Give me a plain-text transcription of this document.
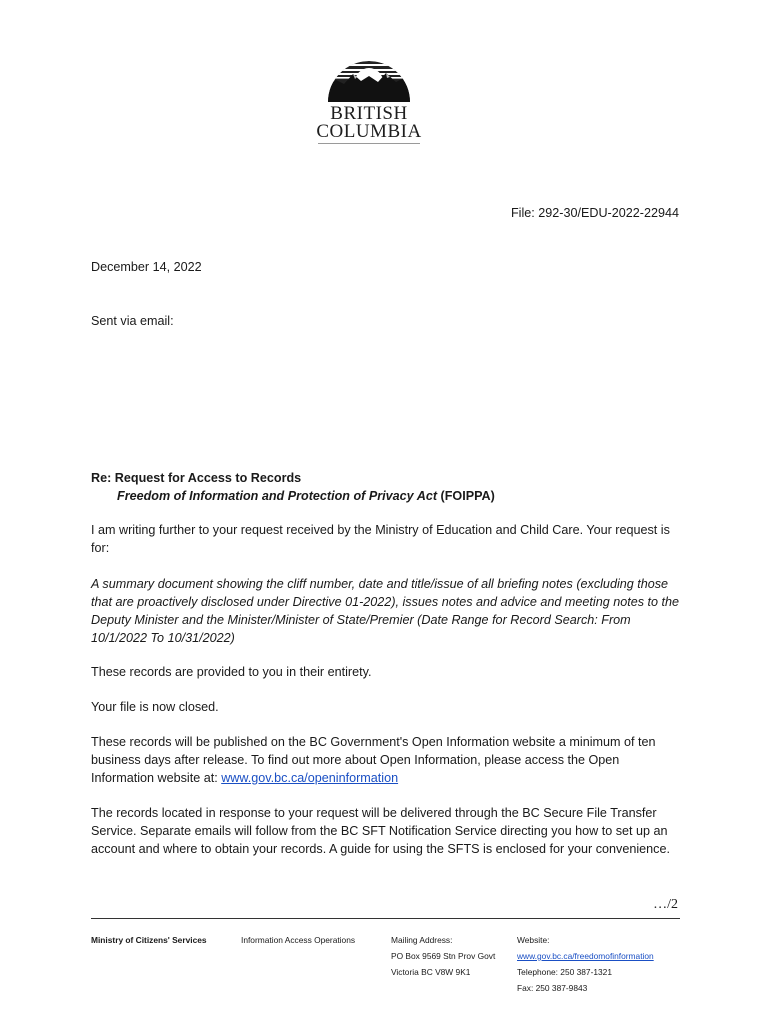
BRITISH
COLUMBIA
File: 292-30/EDU-2022-22944
December 14, 2022
Sent via email:
Re: Request for Access to Records
Freedom of Information and Protection of Privacy Act (FOIPPA)
I am writing further to your request received by the Ministry of Education and Child Care. Your request is for:
A summary document showing the cliff number, date and title/issue of all briefing notes (excluding those that are proactively disclosed under Directive 01-2022), issues notes and advice and meeting notes to the Deputy Minister and the Minister/Minister of State/Premier (Date Range for Record Search: From 10/1/2022 To 10/31/2022)
These records are provided to you in their entirety.
Your file is now closed.
These records will be published on the BC Government's Open Information website a minimum of ten business days after release. To find out more about Open Information, please access the Open Information website at: www.gov.bc.ca/openinformation
The records located in response to your request will be delivered through the BC Secure File Transfer Service. Separate emails will follow from the BC SFT Notification Service directing you how to set up an account and where to obtain your records. A guide for using the SFTS is enclosed for your convenience.
…/2
Ministry of Citizens' Services	Information Access Operations	Mailing Address:
PO Box 9569 Stn Prov Govt
Victoria BC V8W 9K1
Website:
www.gov.bc.ca/freedomofinformation
Telephone: 250 387-1321
Fax: 250 387-9843
